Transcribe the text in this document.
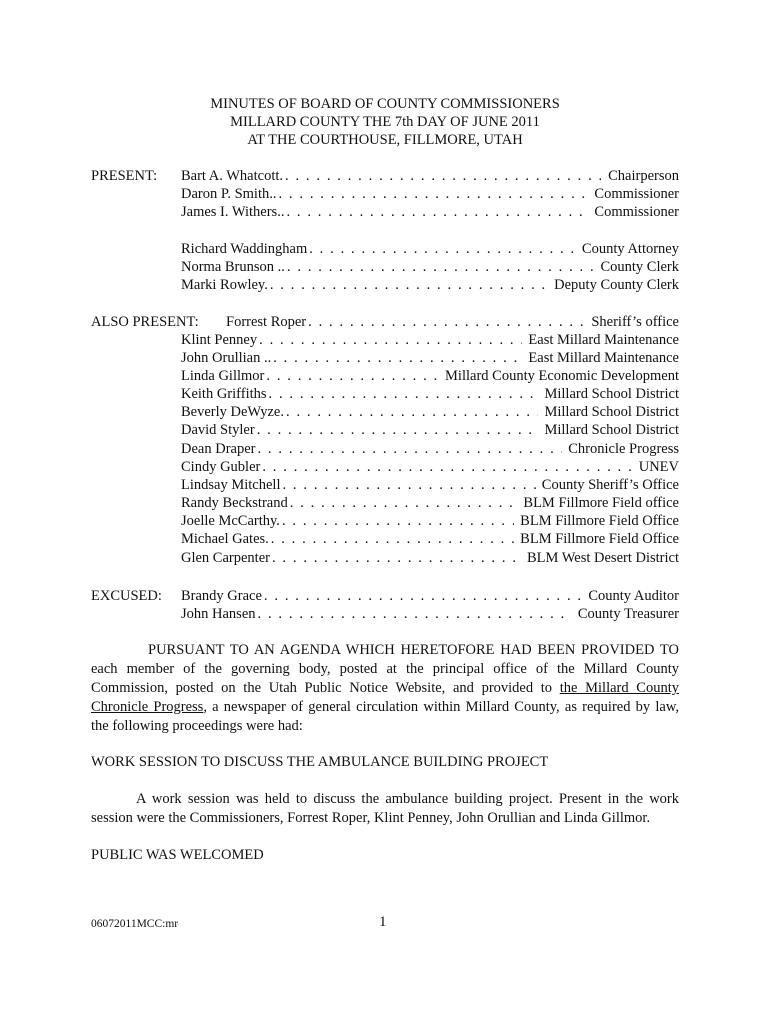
MINUTES OF BOARD OF COUNTY COMMISSIONERS
MILLARD COUNTY THE 7th DAY OF JUNE 2011
AT THE COURTHOUSE, FILLMORE, UTAH
PRESENT: Bart A. Whatcott. . . .	Chairperson
Daron P. Smith.. . . .	Commissioner
James I. Withers.. . . .	Commissioner
Richard Waddingham . . .	County Attorney
Norma Brunson .. . . .	County Clerk
Marki Rowley. . . .	Deputy County Clerk
ALSO PRESENT: Forrest Roper . . .	Sheriff’s office
Klint Penney . . .	East Millard Maintenance
John Orullian .. . . .	East Millard Maintenance
Linda Gillmor . . .	Millard County Economic Development
Keith Griffiths . . .	Millard School District
Beverly DeWyze. . . .	Millard School District
David Styler . . .	Millard School District
Dean Draper . . .	Chronicle Progress
Cindy Gubler . . .	UNEV
Lindsay Mitchell . . .	County Sheriff’s Office
Randy Beckstrand . . .	BLM Fillmore Field office
Joelle McCarthy. . . .	BLM Fillmore Field Office
Michael Gates. . . .	BLM Fillmore Field Office
Glen Carpenter . . .	BLM West Desert District
EXCUSED: Brandy Grace . . .	County Auditor
John Hansen . . .	County Treasurer
PURSUANT TO AN AGENDA WHICH HERETOFORE HAD BEEN PROVIDED TO each member of the governing body, posted at the principal office of the Millard County Commission, posted on the Utah Public Notice Website, and provided to the Millard County Chronicle Progress, a newspaper of general circulation within Millard County, as required by law, the following proceedings were had:
WORK SESSION TO DISCUSS THE AMBULANCE BUILDING PROJECT
A work session was held to discuss the ambulance building project. Present in the work session were the Commissioners, Forrest Roper, Klint Penney, John Orullian and Linda Gillmor.
PUBLIC WAS WELCOMED
06072011MCC:mr	1
